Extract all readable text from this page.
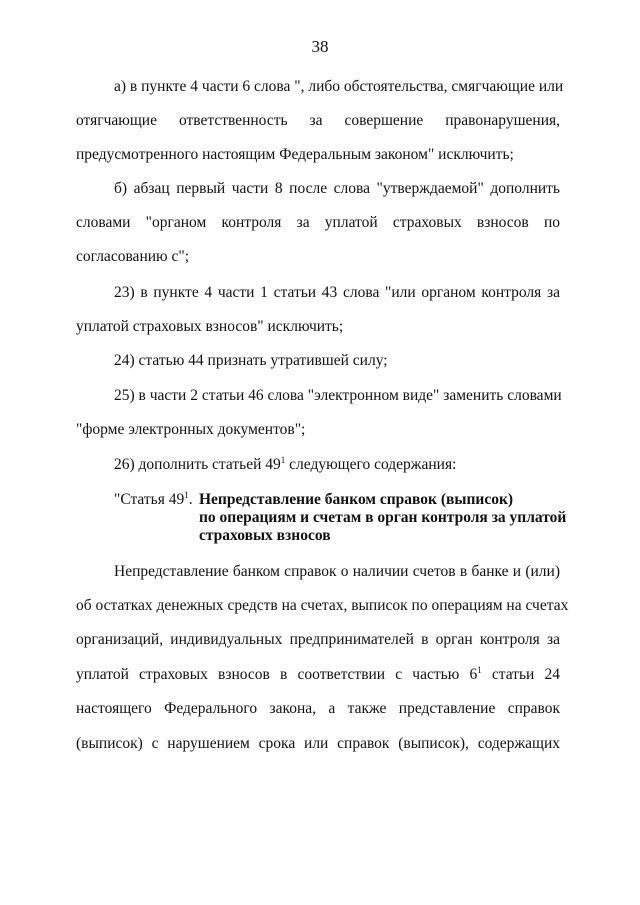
38
а) в пункте 4 части 6 слова ", либо обстоятельства, смягчающие или
отягчающие ответственность за совершение правонарушения,
предусмотренного настоящим Федеральным законом" исключить;
б) абзац первый части 8 после слова "утверждаемой" дополнить
словами "органом контроля за уплатой страховых взносов по
согласованию с";
23) в пункте 4 части 1 статьи 43 слова "или органом контроля за
уплатой страховых взносов" исключить;
24) статью 44 признать утратившей силу;
25) в части 2 статьи 46 слова "электронном виде" заменить словами
"форме электронных документов";
26) дополнить статьей $49^1$ следующего содержания:
"Статья $49^1$. Непредставление банком справок (выписок)
по операциям и счетам в орган контроля за уплатой
страховых взносов
Непредставление банком справок о наличии счетов в банке и (или)
об остатках денежных средств на счетах, выписок по операциям на счетах
организаций, индивидуальных предпринимателей в орган контроля за
уплатой страховых взносов в соответствии с частью $6^1$ статьи 24
настоящего Федерального закона, а также представление справок
(выписок) с нарушением срока или справок (выписок), содержащих
